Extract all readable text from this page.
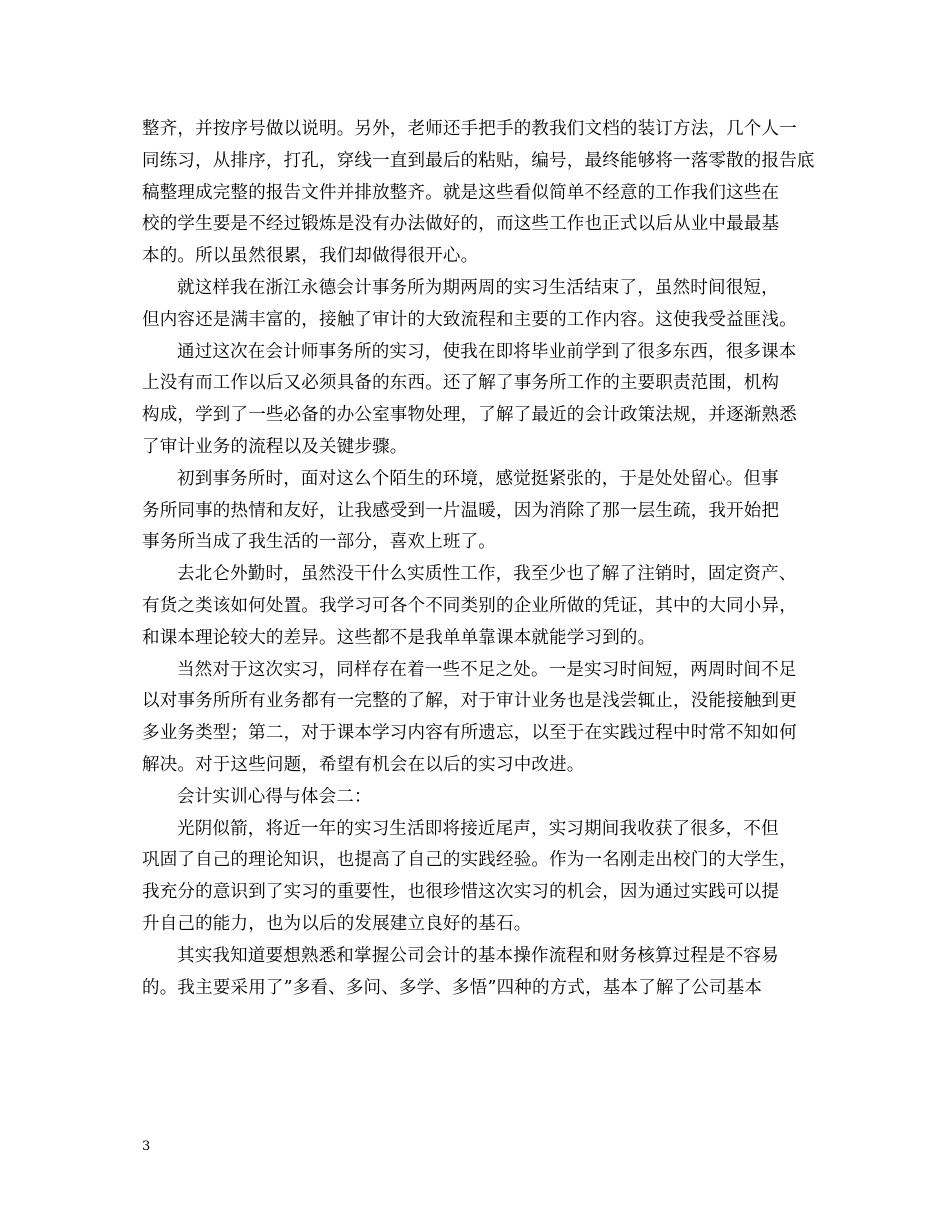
整齐，并按序号做以说明。另外，老师还手把手的教我们文档的装订方法，几个人一
同练习，从排序，打孔，穿线一直到最后的粘贴，编号，最终能够将一落零散的报告底
稿整理成完整的报告文件并排放整齐。就是这些看似简单不经意的工作我们这些在
校的学生要是不经过锻炼是没有办法做好的，而这些工作也正式以后从业中最最基
本的。所以虽然很累，我们却做得很开心。
就这样我在浙江永德会计事务所为期两周的实习生活结束了，虽然时间很短，
但内容还是满丰富的，接触了审计的大致流程和主要的工作内容。这使我受益匪浅。
通过这次在会计师事务所的实习，使我在即将毕业前学到了很多东西，很多课本
上没有而工作以后又必须具备的东西。还了解了事务所工作的主要职责范围，机构
构成，学到了一些必备的办公室事物处理，了解了最近的会计政策法规，并逐渐熟悉
了审计业务的流程以及关键步骤。
初到事务所时，面对这么个陌生的环境，感觉挺紧张的，于是处处留心。但事
务所同事的热情和友好，让我感受到一片温暖，因为消除了那一层生疏，我开始把
事务所当成了我生活的一部分，喜欢上班了。
去北仑外勤时，虽然没干什么实质性工作，我至少也了解了注销时，固定资产、
有货之类该如何处置。我学习可各个不同类别的企业所做的凭证，其中的大同小异，
和课本理论较大的差异。这些都不是我单单靠课本就能学习到的。
当然对于这次实习，同样存在着一些不足之处。一是实习时间短，两周时间不足
以对事务所所有业务都有一完整的了解，对于审计业务也是浅尝辄止，没能接触到更
多业务类型；第二，对于课本学习内容有所遗忘，以至于在实践过程中时常不知如何
解决。对于这些问题，希望有机会在以后的实习中改进。
会计实训心得与体会二：
光阴似箭，将近一年的实习生活即将接近尾声，实习期间我收获了很多，不但
巩固了自己的理论知识，也提高了自己的实践经验。作为一名刚走出校门的大学生，
我充分的意识到了实习的重要性，也很珍惜这次实习的机会，因为通过实践可以提
升自己的能力，也为以后的发展建立良好的基石。
其实我知道要想熟悉和掌握公司会计的基本操作流程和财务核算过程是不容易
的。我主要采用了”多看、多问、多学、多悟”四种的方式，基本了解了公司基本
3
